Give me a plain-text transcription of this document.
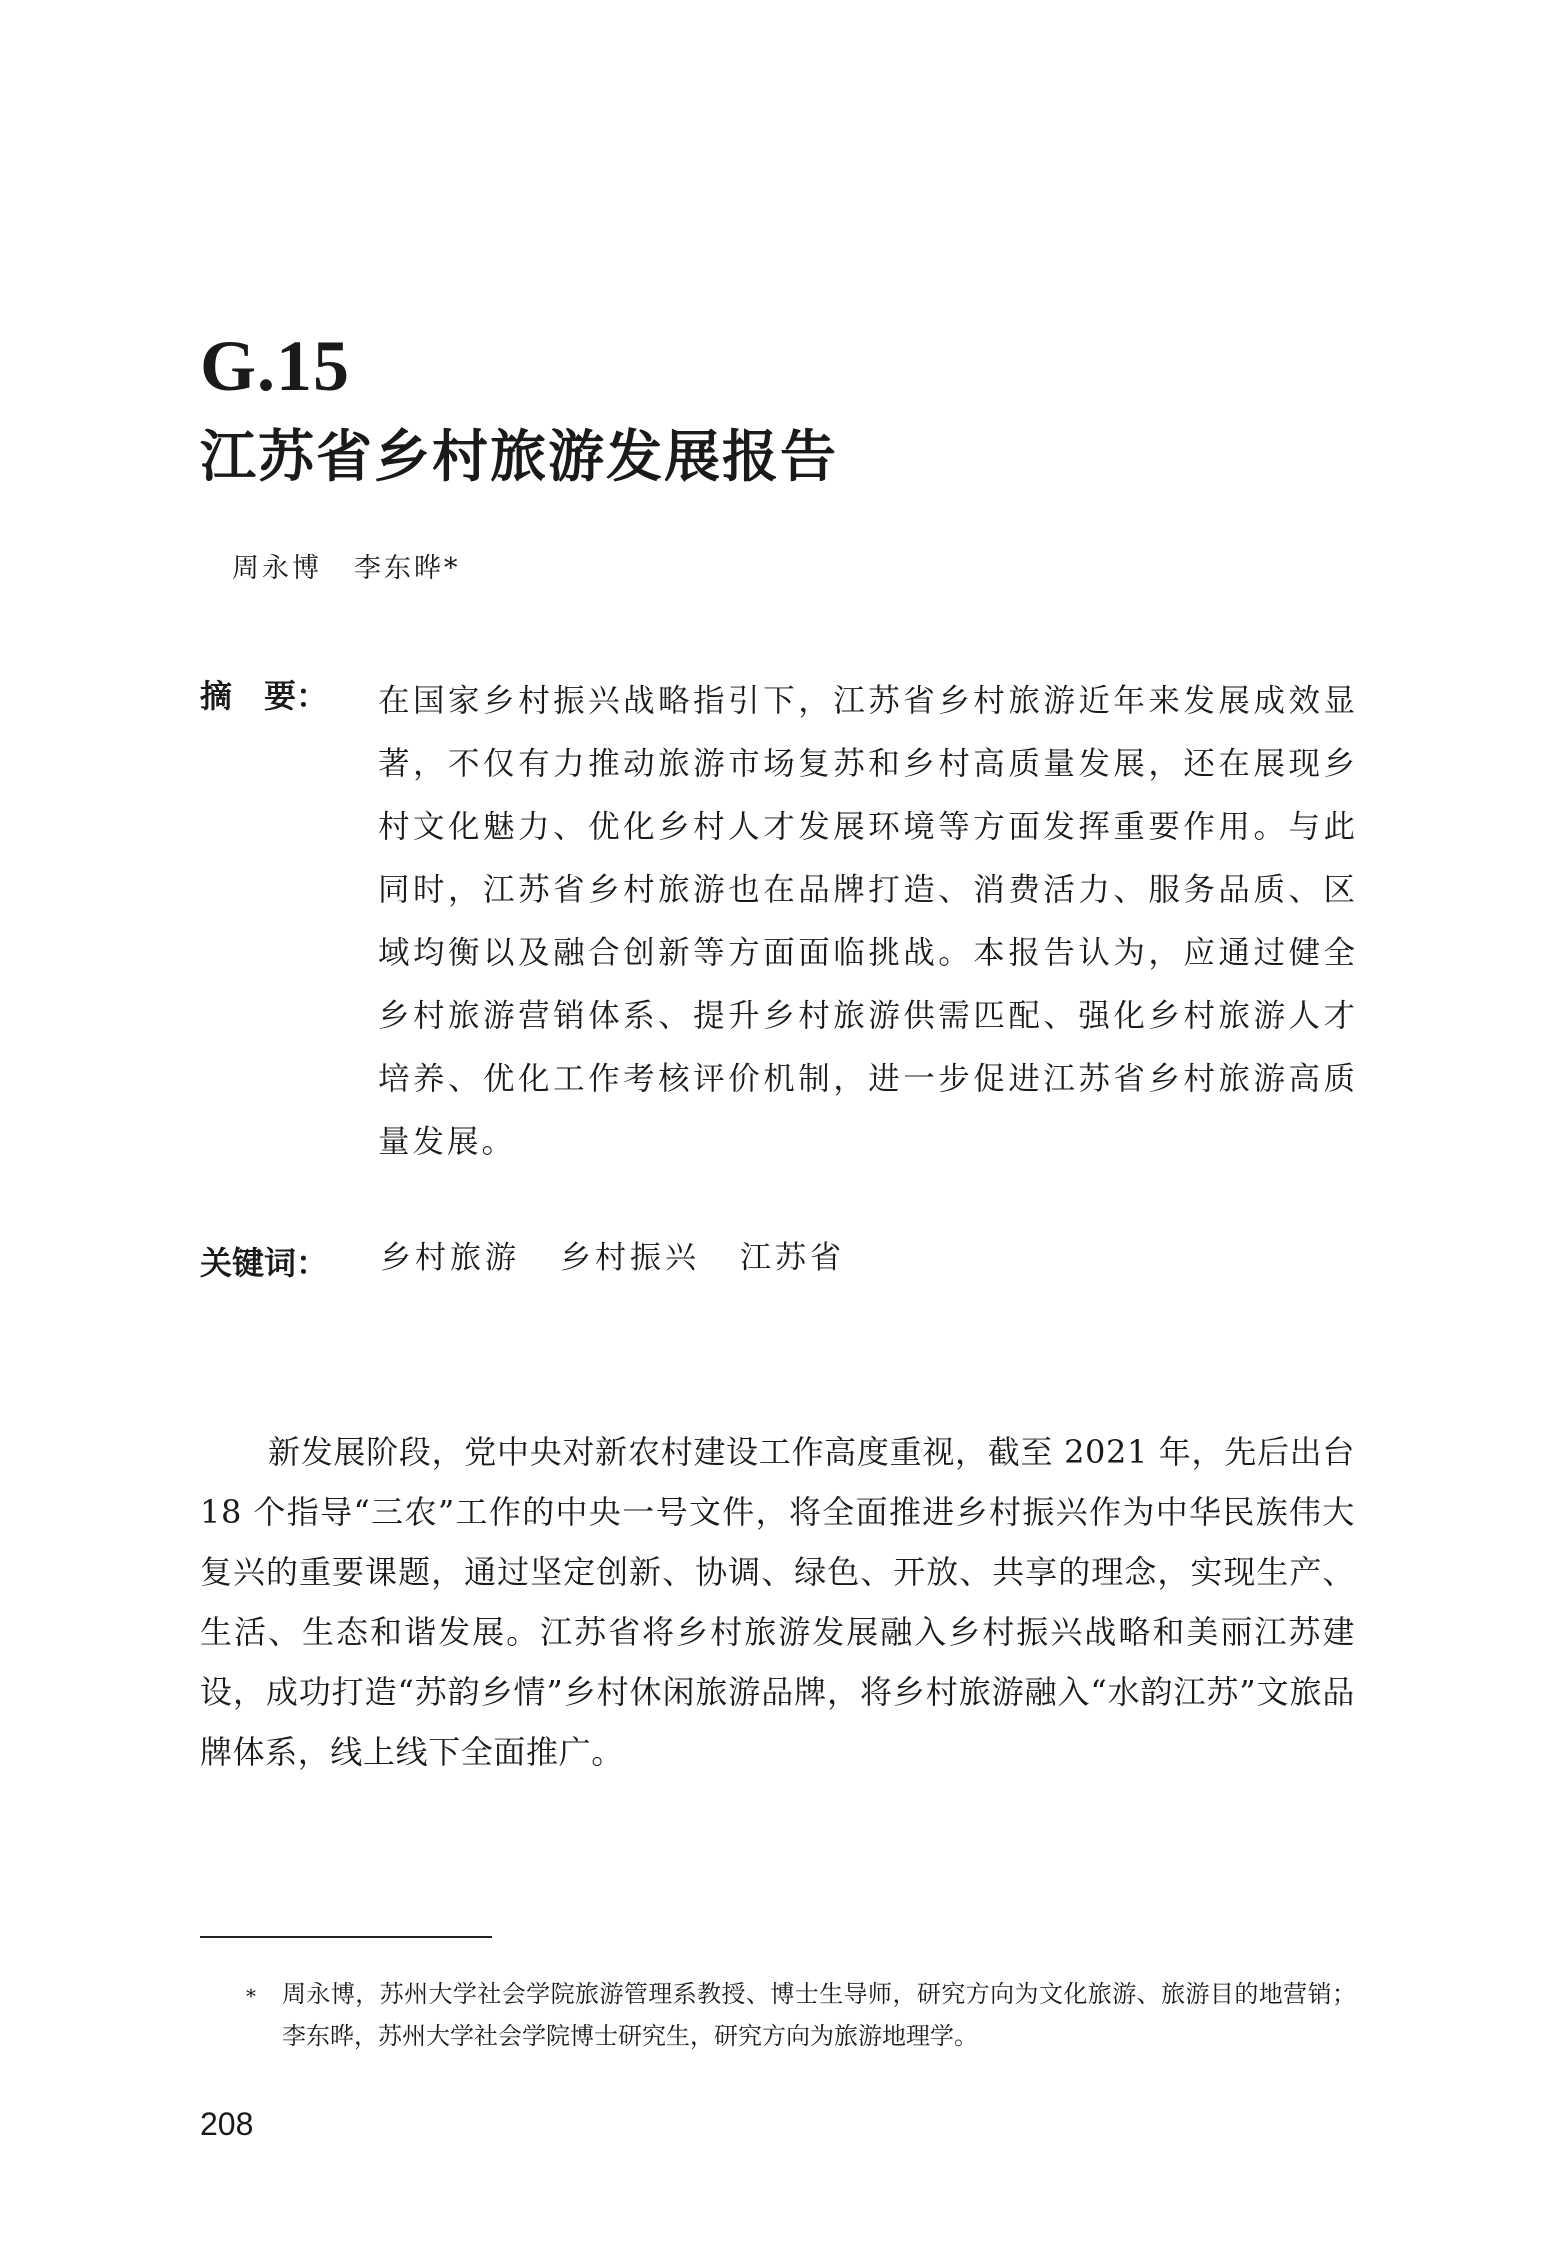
G.15
江苏省乡村旅游发展报告
周永博 李东晔*
摘　要： 在国家乡村振兴战略指引下，江苏省乡村旅游近年来发展成效显著，不仅有力推动旅游市场复苏和乡村高质量发展，还在展现乡村文化魅力、优化乡村人才发展环境等方面发挥重要作用。与此同时，江苏省乡村旅游也在品牌打造、消费活力、服务品质、区域均衡以及融合创新等方面面临挑战。本报告认为，应通过健全乡村旅游营销体系、提升乡村旅游供需匹配、强化乡村旅游人才培养、优化工作考核评价机制，进一步促进江苏省乡村旅游高质量发展。
关键词： 乡村旅游 乡村振兴 江苏省
新发展阶段，党中央对新农村建设工作高度重视，截至 2021 年，先后出台 18 个指导“三农”工作的中央一号文件，将全面推进乡村振兴作为中华民族伟大复兴的重要课题，通过坚定创新、协调、绿色、开放、共享的理念，实现生产、生活、生态和谐发展。江苏省将乡村旅游发展融入乡村振兴战略和美丽江苏建设，成功打造“苏韵乡情”乡村休闲旅游品牌，将乡村旅游融入“水韵江苏”文旅品牌体系，线上线下全面推广。
* 周永博，苏州大学社会学院旅游管理系教授、博士生导师，研究方向为文化旅游、旅游目的地营销；李东晔，苏州大学社会学院博士研究生，研究方向为旅游地理学。
208
